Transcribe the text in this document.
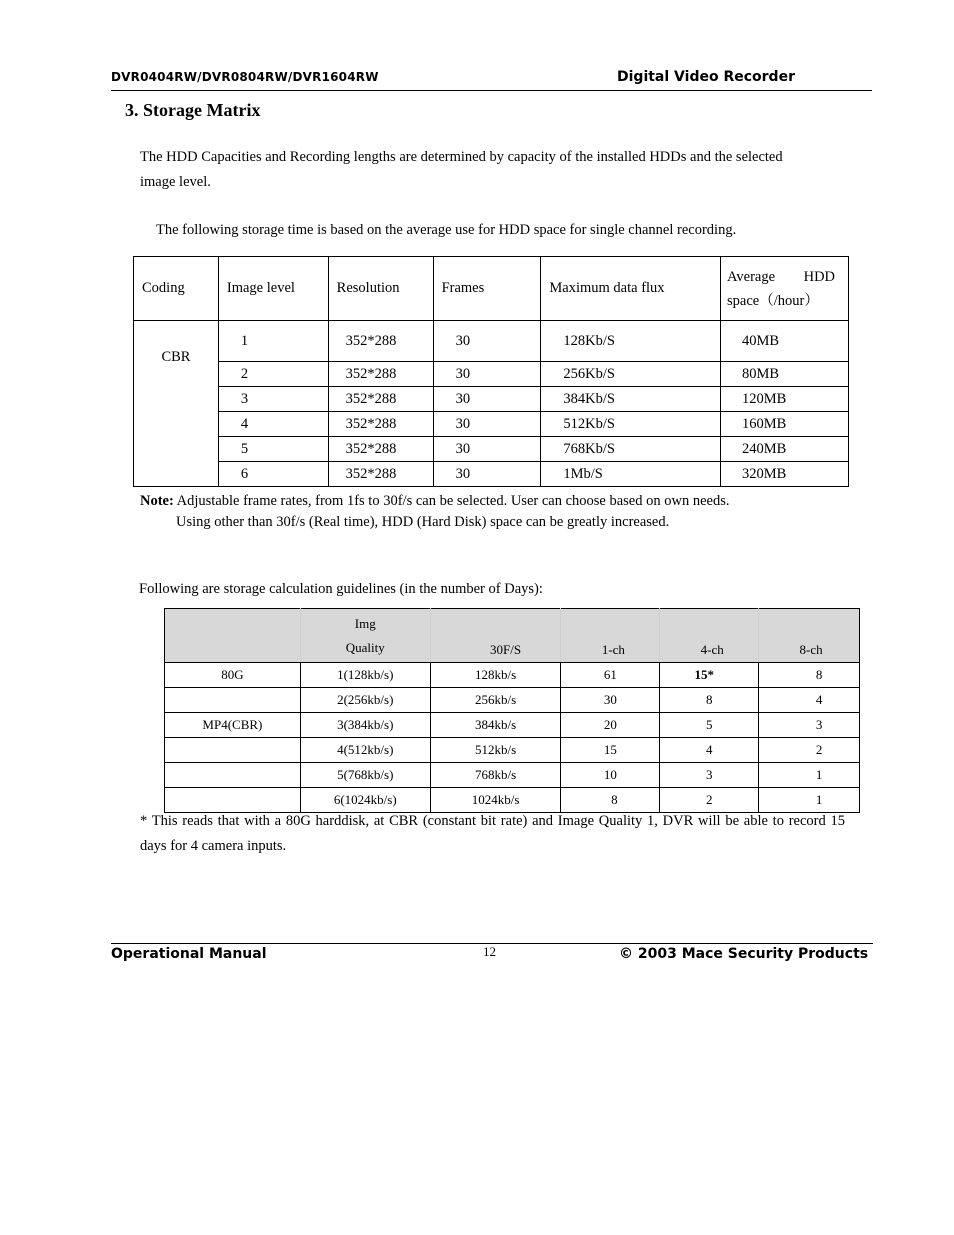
DVR0404RW/DVR0804RW/DVR1604RW	Digital Video Recorder
3. Storage Matrix
The HDD Capacities and Recording lengths are determined by capacity of the installed HDDs and the selected
image level.
The following storage time is based on the average use for HDD space for single channel recording.
Coding	Image level	Resolution	Frames	Maximum data flux	Average HDD
space（/hour）

CBR	1	352*288	30	128Kb/S	40MB
	2	352*288	30	256Kb/S	80MB
	3	352*288	30	384Kb/S	120MB
	4	352*288	30	512Kb/S	160MB
	5	352*288	30	768Kb/S	240MB
	6	352*288	30	1Mb/S	320MB
Note: Adjustable frame rates, from 1fs to 30f/s can be selected. User can choose based on own needs.
Using other than 30f/s (Real time), HDD (Hard Disk) space can be greatly increased.
Following are storage calculation guidelines (in the number of Days):

	Img
Quality	30F/S	1-ch	4-ch	8-ch
80G	1(128kb/s)	128kb/s	61	15*	8
	2(256kb/s)	256kb/s	30	8	4
MP4(CBR)	3(384kb/s)	384kb/s	20	5	3
	4(512kb/s)	512kb/s	15	4	2
	5(768kb/s)	768kb/s	10	3	1
	6(1024kb/s)	1024kb/s	8	2	1
* This reads that with a 80G harddisk, at CBR (constant bit rate) and Image Quality 1, DVR will be able to record 15 days for 4 camera inputs.
Operational Manual	12	© 2003 Mace Security Products
